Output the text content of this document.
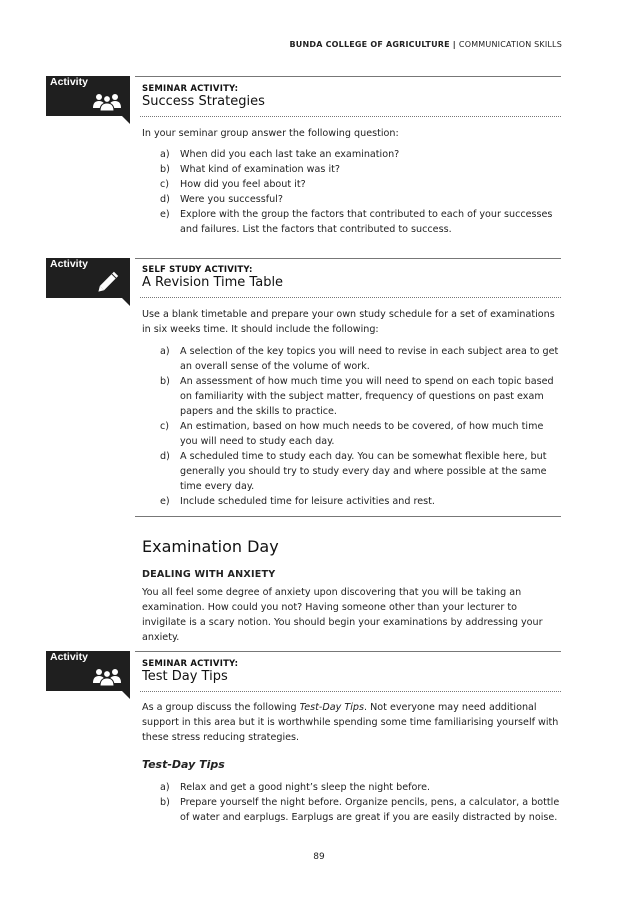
BUNDA COLLEGE OF AGRICULTURE | COMMUNICATION SKILLS
Activity
SEMINAR ACTIVITY:
Success Strategies

In your seminar group answer the following question:

a) When did you each last take an examination?
b) What kind of examination was it?
c) How did you feel about it?
d) Were you successful?
e) Explore with the group the factors that contributed to each of your successes and failures. List the factors that contributed to success.
Activity	SELF STUDY ACTIVITY:
A Revision Time Table

Use a blank timetable and prepare your own study schedule for a set of examinations in six weeks time. It should include the following:

a) A selection of the key topics you will need to revise in each subject area to get an overall sense of the volume of work.
b) An assessment of how much time you will need to spend on each topic based on familiarity with the subject matter, frequency of questions on past exam papers and the skills to practice.
c) An estimation, based on how much needs to be covered, of how much time you will need to study each day.
d) A scheduled time to study each day. You can be somewhat flexible here, but generally you should try to study every day and where possible at the same time every day.
e) Include scheduled time for leisure activities and rest.
Examination Day
DEALING WITH ANXIETY

You all feel some degree of anxiety upon discovering that you will be taking an examination. How could you not? Having someone other than your lecturer to invigilate is a scary notion. You should begin your examinations by addressing your anxiety.

Activity
SEMINAR ACTIVITY:
Test Day Tips

As a group discuss the following Test-Day Tips. Not everyone may need additional support in this area but it is worthwhile spending some time familiarising yourself with these stress reducing strategies.

Test-Day Tips
a) Relax and get a good night’s sleep the night before.
b) Prepare yourself the night before. Organize pencils, pens, a calculator, a bottle of water and earplugs. Earplugs are great if you are easily distracted by noise.
89
